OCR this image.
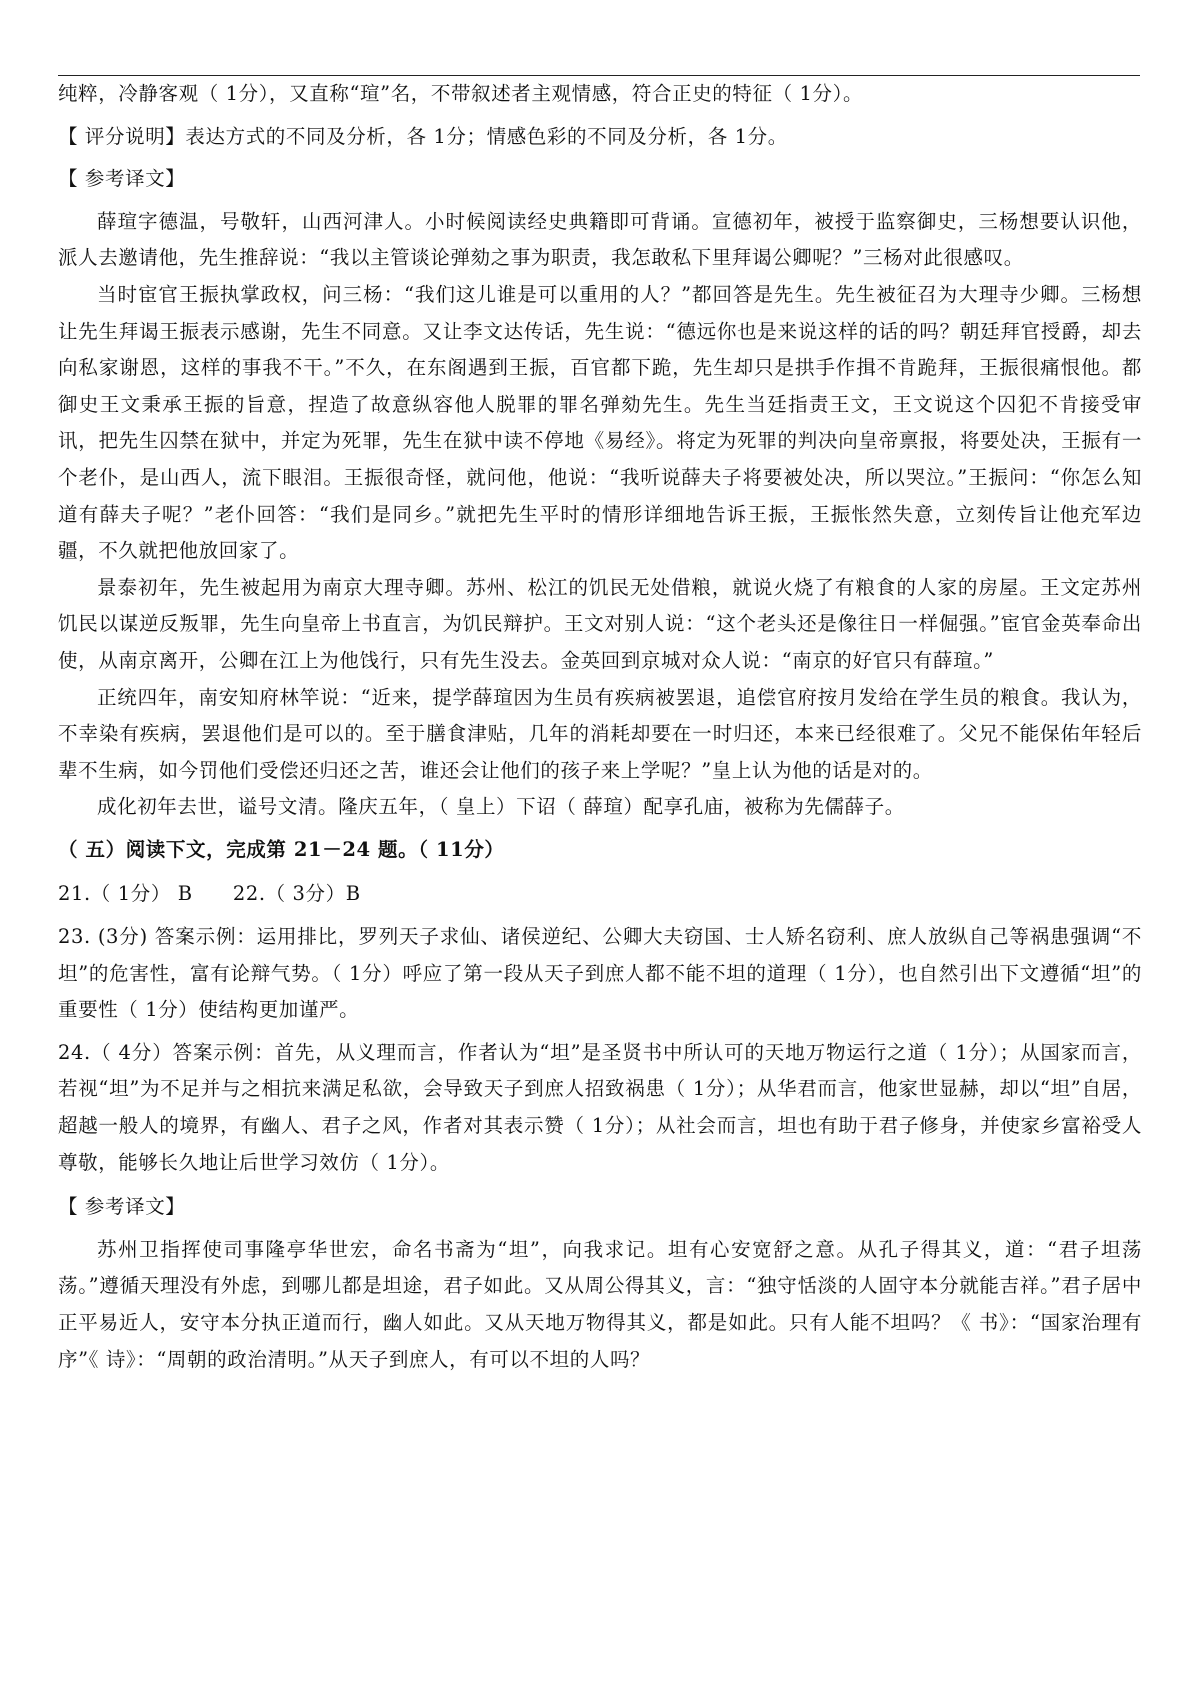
纯粹，冷静客观（ 1分），又直称“瑄”名，不带叙述者主观情感，符合正史的特征（ 1分）。

【 评分说明】表达方式的不同及分析，各 1分；情感色彩的不同及分析，各 1分。

【 参考译文】

薛瑄字德温，号敬轩，山西河津人。小时候阅读经史典籍即可背诵。宣德初年，被授于监察御史，三杨想要认识他，派人去邀请他，先生推辞说：“我以主管谈论弹劾之事为职责，我怎敢私下里拜谒公卿呢？”三杨对此很感叹。

当时宦官王振执掌政权，问三杨：“我们这儿谁是可以重用的人？”都回答是先生。先生被征召为大理寺少卿。三杨想让先生拜谒王振表示感谢，先生不同意。又让李文达传话，先生说：“德远你也是来说这样的话的吗？朝廷拜官授爵，却去向私家谢恩，这样的事我不干。”不久，在东阁遇到王振，百官都下跪，先生却只是拱手作揖不肯跪拜，王振很痛恨他。都御史王文秉承王振的旨意，捏造了故意纵容他人脱罪的罪名弹劾先生。先生当廷指责王文，王文说这个囚犯不肯接受审讯，把先生囚禁在狱中，并定为死罪，先生在狱中读不停地《易经》。将定为死罪的判决向皇帝禀报，将要处决，王振有一个老仆，是山西人，流下眼泪。王振很奇怪，就问他，他说：“我听说薛夫子将要被处决，所以哭泣。”王振问：“你怎么知道有薛夫子呢？”老仆回答：“我们是同乡。”就把先生平时的情形详细地告诉王振，王振怅然失意，立刻传旨让他充军边疆，不久就把他放回家了。

景泰初年，先生被起用为南京大理寺卿。苏州、松江的饥民无处借粮，就说火烧了有粮食的人家的房屋。王文定苏州饥民以谋逆反叛罪，先生向皇帝上书直言，为饥民辩护。王文对别人说：“这个老头还是像往日一样倔强。”宦官金英奉命出使，从南京离开，公卿在江上为他饯行，只有先生没去。金英回到京城对众人说：“南京的好官只有薛瑄。”

正统四年，南安知府林竿说：“近来，提学薛瑄因为生员有疾病被罢退，追偿官府按月发给在学生员的粮食。我认为，不幸染有疾病，罢退他们是可以的。至于膳食津贴，几年的消耗却要在一时归还，本来已经很难了。父兄不能保佑年轻后辈不生病，如今罚他们受偿还归还之苦，谁还会让他们的孩子来上学呢？”皇上认为他的话是对的。

成化初年去世，谥号文清。隆庆五年，（ 皇上）下诏（ 薛瑄）配享孔庙，被称为先儒薛子。

（ 五）阅读下文，完成第 21－24 题。（ 11分）

21.（ 1分） B　　22.（ 3分）B

23. (3分) 答案示例：运用排比，罗列天子求仙、诸侯逆纪、公卿大夫窃国、士人矫名窃利、庶人放纵自己等祸患强调“不坦”的危害性，富有论辩气势。（ 1分）呼应了第一段从天子到庶人都不能不坦的道理（ 1分），也自然引出下文遵循“坦”的重要性（ 1分）使结构更加谨严。

24.（ 4分）答案示例：首先，从义理而言，作者认为“坦”是圣贤书中所认可的天地万物运行之道（ 1分）；从国家而言，若视“坦”为不足并与之相抗来满足私欲，会导致天子到庶人招致祸患（ 1分）；从华君而言，他家世显赫，却以“坦”自居，超越一般人的境界，有幽人、君子之风，作者对其表示赞（ 1分）；从社会而言，坦也有助于君子修身，并使家乡富裕受人尊敬，能够长久地让后世学习效仿（ 1分）。

【 参考译文】

苏州卫指挥使司事隆亭华世宏，命名书斋为“坦”，向我求记。坦有心安宽舒之意。从孔子得其义，道：“君子坦荡荡。”遵循天理没有外虑，到哪儿都是坦途，君子如此。又从周公得其义，言：“独守恬淡的人固守本分就能吉祥。”君子居中正平易近人，安守本分执正道而行，幽人如此。又从天地万物得其义，都是如此。只有人能不坦吗？《 书》：“国家治理有序”《 诗》：“周朝的政治清明。”从天子到庶人，有可以不坦的人吗？
